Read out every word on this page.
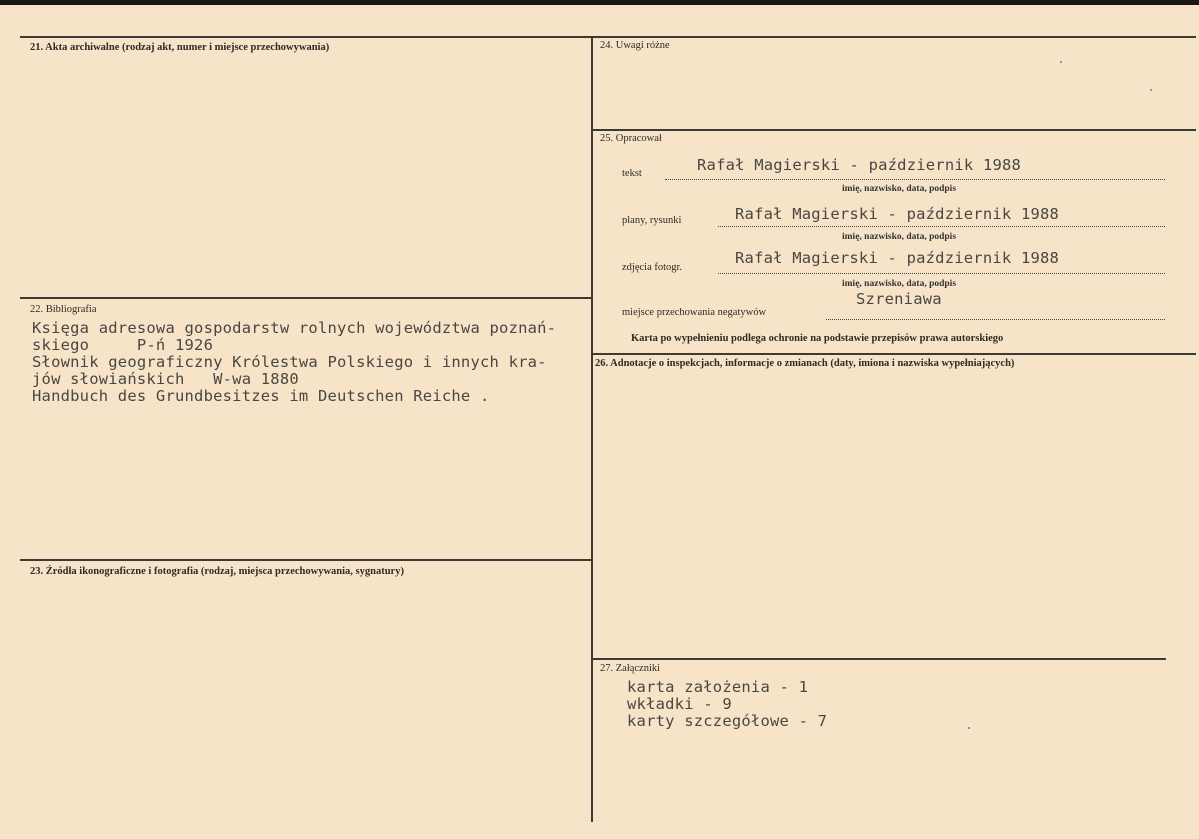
21. Akta archiwalne (rodzaj akt, numer i miejsce przechowywania)
22. Bibliografia
Księga adresowa gospodarstw rolnych województwa poznań-
skiego     P-ń 1926
Słownik geograficzny Królestwa Polskiego i innych kra-
jów słowiańskich   W-wa 1880
Handbuch des Grundbesitzes im Deutschen Reiche .
23. Źródła ikonograficzne i fotografia (rodzaj, miejsca przechowywania, sygnatury)
24. Uwagi różne
25. Opracował
tekst	Rafał Magierski - październik 1988
imię, nazwisko, data, podpis
plany, rysunki	Rafał Magierski - październik 1988
imię, nazwisko, data, podpis
zdjęcia fotogr.
Rafał Magierski - październik 1988
imię, nazwisko, data, podpis
miejsce przechowania negatywów
Szreniawa
Karta po wypełnieniu podlega ochronie na podstawie przepisów prawa autorskiego
26. Adnotacje o inspekcjach, informacje o zmianach (daty, imiona i nazwiska wypełniających)
27. Załączniki
karta założenia - 1
wkładki - 9
karty szczegółowe - 7
